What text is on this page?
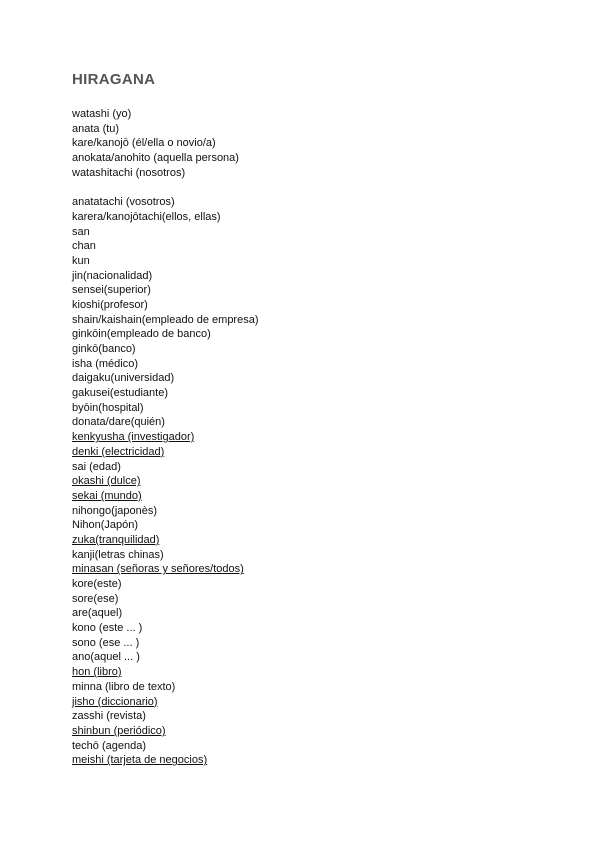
HIRAGANA
watashi (yo)
anata (tu)
kare/kanojō (él/ella o novio/a)
anokata/anohito (aquella persona)
watashitachi (nosotros)
anatatachi (vosotros)
karera/kanojōtachi(ellos, ellas)
san
chan
kun
jin(nacionalidad)
sensei(superior)
kioshi(profesor)
shain/kaishain(empleado de empresa)
ginkōin(empleado de banco)
ginkō(banco)
isha (médico)
daigaku(universidad)
gakusei(estudiante)
byōin(hospital)
donata/dare(quién)
kenkyusha (investigador)
denki (electricidad)
sai (edad)
okashi (dulce)
sekai (mundo)
nihongo(japonès)
Nihon(Japón)
zuka(tranquilidad)
kanji(letras chinas)
minasan (señoras y señores/todos)
kore(este)
sore(ese)
are(aquel)
kono (este ... )
sono (ese ... )
ano(aquel ... )
hon (libro)
minna (libro de texto)
jisho (diccionario)
zasshi (revista)
shinbun (periódico)
techō (agenda)
meishi (tarjeta de negocios)
